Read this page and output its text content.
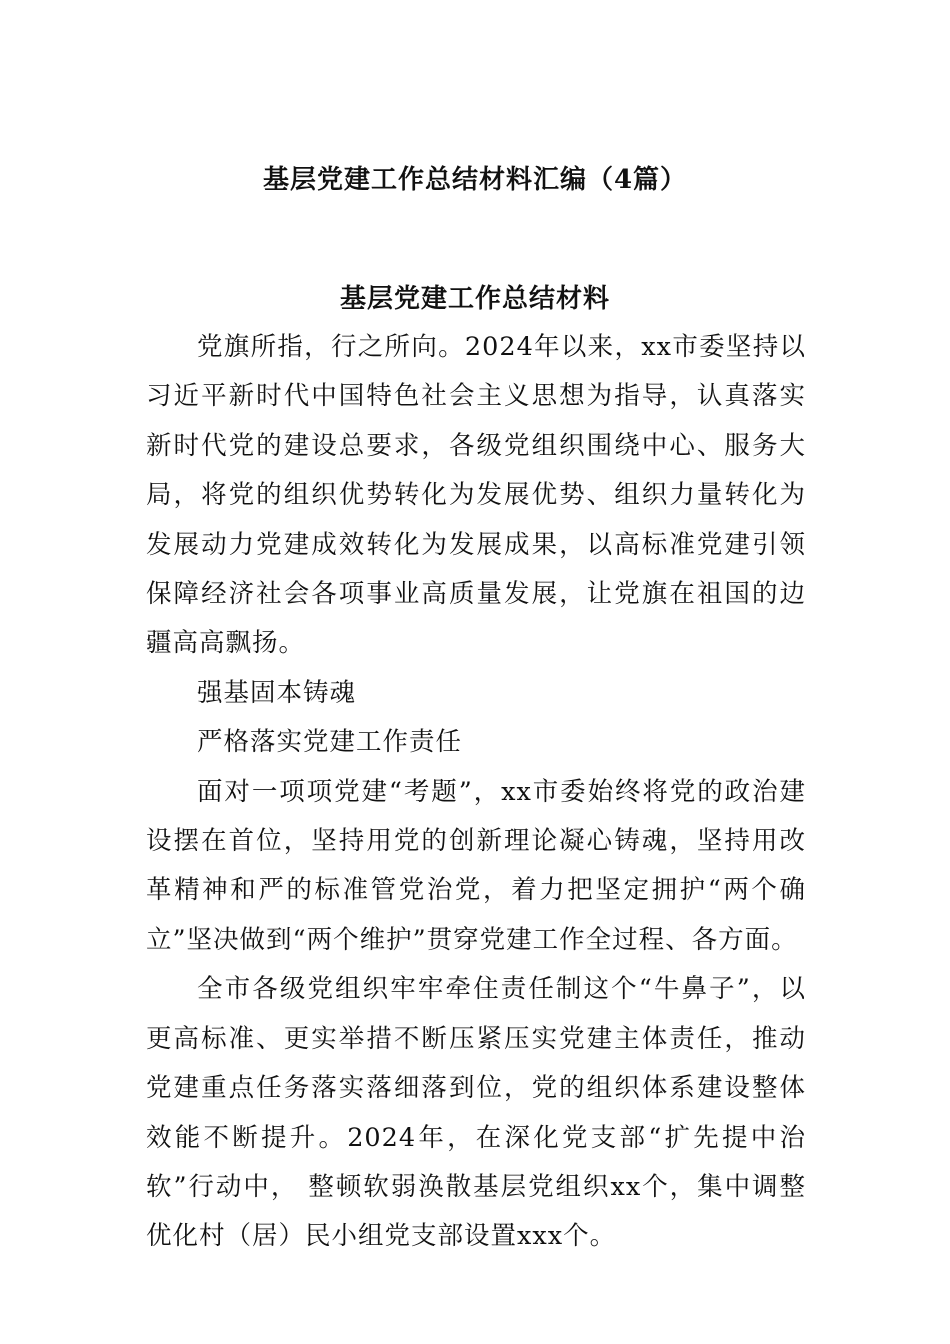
基层党建工作总结材料汇编（4篇）
基层党建工作总结材料

党旗所指，行之所向。2024年以来，xx市委坚持以习近平新时代中国特色社会主义思想为指导，认真落实新时代党的建设总要求，各级党组织围绕中心、服务大局，将党的组织优势转化为发展优势、组织力量转化为发展动力党建成效转化为发展成果，以高标准党建引领保障经济社会各项事业高质量发展，让党旗在祖国的边疆高高飘扬。

强基固本铸魂

严格落实党建工作责任

面对一项项党建“考题”，xx市委始终将党的政治建设摆在首位，坚持用党的创新理论凝心铸魂，坚持用改革精神和严的标准管党治党，着力把坚定拥护“两个确立”坚决做到“两个维护”贯穿党建工作全过程、各方面。

全市各级党组织牢牢牵住责任制这个“牛鼻子”，以更高标准、更实举措不断压紧压实党建主体责任，推动党建重点任务落实落细落到位，党的组织体系建设整体效能不断提升。2024年，在深化党支部“扩先提中治软”行动中， 整顿软弱涣散基层党组织xx个，集中调整优化村（居）民小组党支部设置xxx个。
